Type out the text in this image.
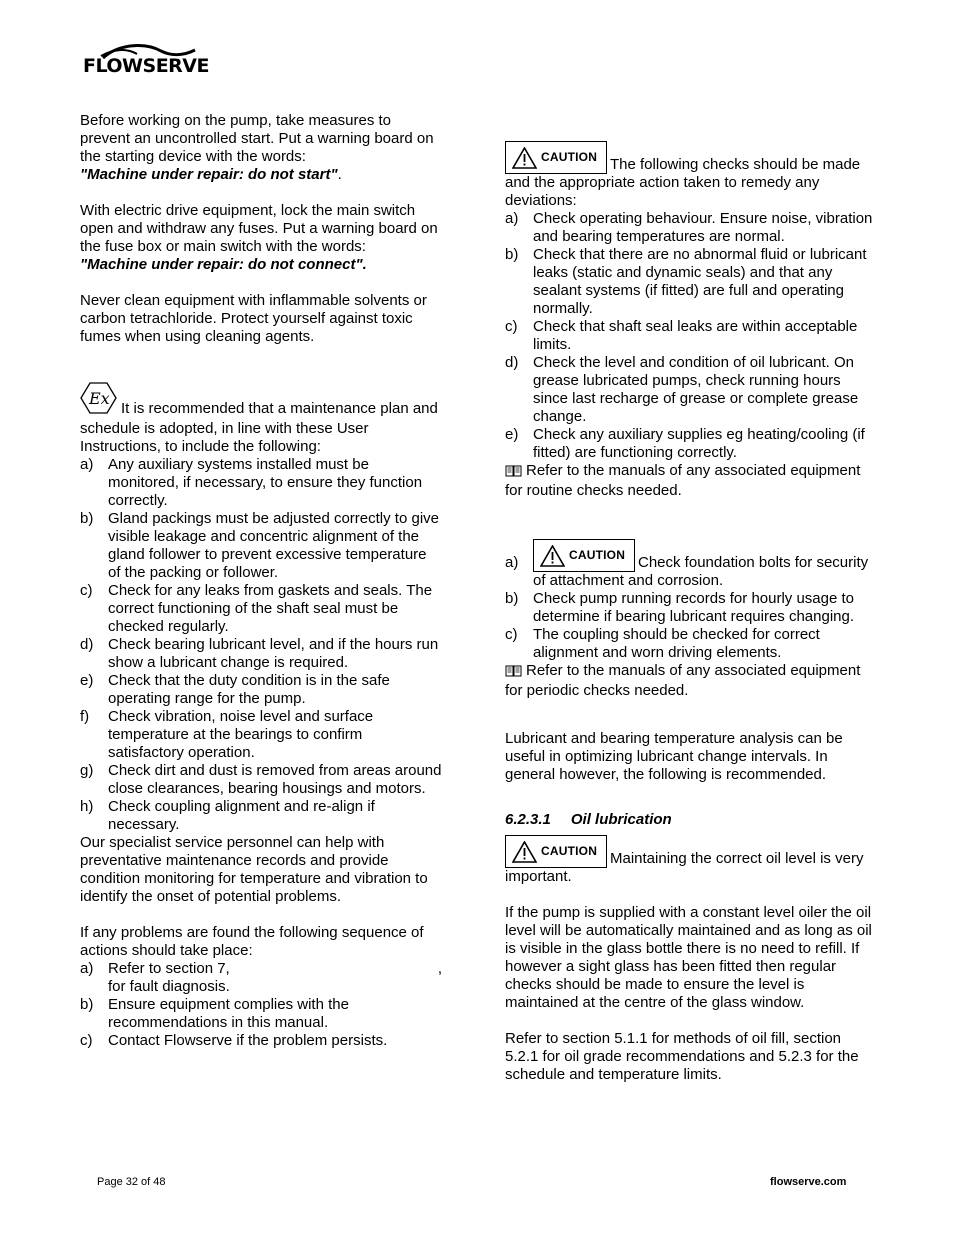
FLOWSERVE

Before working on the pump, take measures to prevent an uncontrolled start. Put a warning board on the starting device with the words:
"Machine under repair: do not start".

With electric drive equipment, lock the main switch open and withdraw any fuses. Put a warning board on the fuse box or main switch with the words:
"Machine under repair: do not connect".

Never clean equipment with inflammable solvents or carbon tetrachloride. Protect yourself against toxic fumes when using cleaning agents.

Ex
It is recommended that a maintenance plan and schedule is adopted, in line with these User Instructions, to include the following:

a) Any auxiliary systems installed must be monitored, if necessary, to ensure they function correctly.
b) Gland packings must be adjusted correctly to give visible leakage and concentric alignment of the gland follower to prevent excessive temperature of the packing or follower.
c)	Check for any leaks from gaskets and seals. The correct functioning of the shaft seal must be checked regularly.
d) Check bearing lubricant level, and if the hours run show a lubricant change is required.
e) Check that the duty condition is in the safe operating range for the pump.
f)	Check vibration, noise level and surface temperature at the bearings to confirm satisfactory operation.
g) Check dirt and dust is removed from areas around close clearances, bearing housings and motors.
h) Check coupling alignment and re-align if necessary.

Our specialist service personnel can help with preventative maintenance records and provide condition monitoring for temperature and vibration to identify the onset of potential problems.

If any problems are found the following sequence of actions should take place:

a) Refer to section 7,	,
for fault diagnosis.
b) Ensure equipment complies with the recommendations in this manual.
c)	Contact Flowserve if the problem persists.

CAUTION The following checks should be made and the appropriate action taken to remedy any deviations:

a) Check operating behaviour. Ensure noise, vibration and bearing temperatures are normal.
b) Check that there are no abnormal fluid or lubricant leaks (static and dynamic seals) and that any sealant systems (if fitted) are full and operating normally.
c)	Check that shaft seal leaks are within acceptable limits.
d) Check the level and condition of oil lubricant. On grease lubricated pumps, check running hours since last recharge of grease or complete grease change.
e) Check any auxiliary supplies eg heating/cooling (if fitted) are functioning correctly.

Refer to the manuals of any associated equipment for routine checks needed.

a)	CAUTION Check foundation bolts for security of attachment and corrosion.
b) Check pump running records for hourly usage to determine if bearing lubricant requires changing.
c)	The coupling should be checked for correct alignment and worn driving elements.

Refer to the manuals of any associated equipment for periodic checks needed.

Lubricant and bearing temperature analysis can be useful in optimizing lubricant change intervals. In general however, the following is recommended.

6.2.3.1 Oil lubrication

CAUTION Maintaining the correct oil level is very important.

If the pump is supplied with a constant level oiler the oil level will be automatically maintained and as long as oil is visible in the glass bottle there is no need to refill. If however a sight glass has been fitted then regular checks should be made to ensure the level is maintained at the centre of the glass window.

Refer to section 5.1.1 for methods of oil fill, section 5.2.1 for oil grade recommendations and 5.2.3 for the schedule and temperature limits.

Page 32 of 48	flowserve.com
